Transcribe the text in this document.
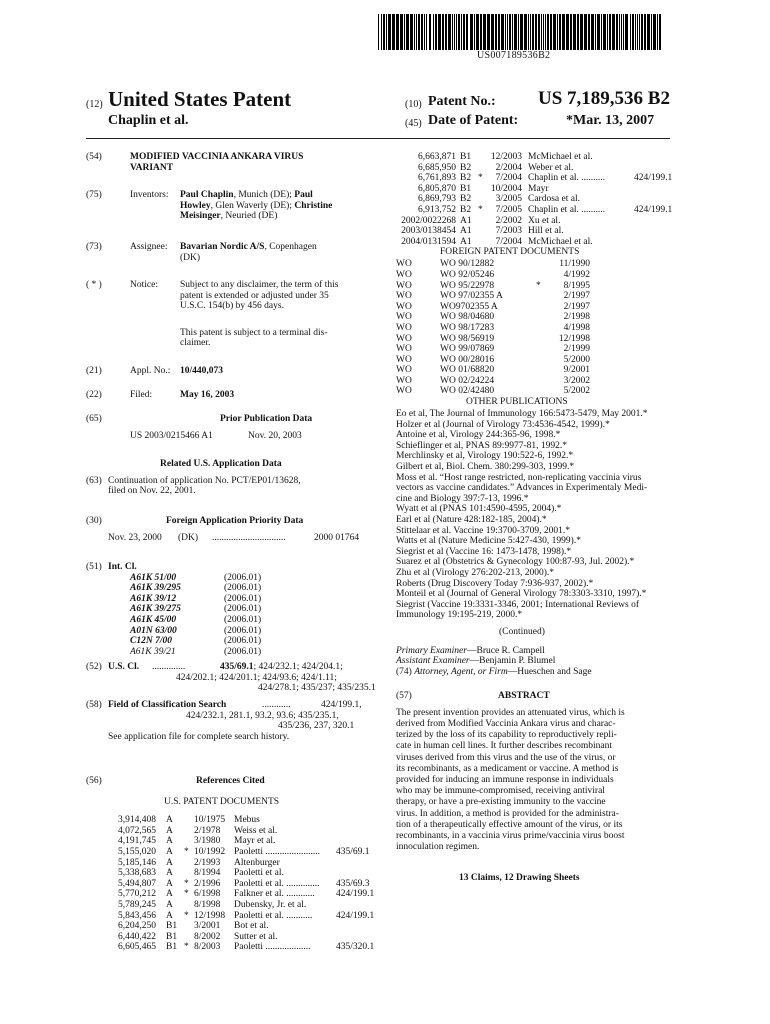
US007189536B2
(12) United States Patent
Chaplin et al.
(10) Patent No.: US 7,189,536 B2
(45) Date of Patent:	*Mar. 13, 2007
(54)	MODIFIED VACCINIA ANKARA VIRUS
VARIANT
(75)	Inventors: Paul Chaplin, Munich (DE); Paul
Howley, Glen Waverly (DE); Christine
Meisinger, Neuried (DE)
(73)	Assignee: Bavarian Nordic A/S, Copenhagen
(DK)
( * )	Notice: Subject to any disclaimer, the term of this
patent is extended or adjusted under 35
U.S.C. 154(b) by 456 days.
This patent is subject to a terminal dis-
claimer.
(21)	Appl. No.: 10/440,073
(22)	Filed:	May 16, 2003
(65)	Prior Publication Data
US 2003/0215466 A1	Nov. 20, 2003
Related U.S. Application Data
(63) Continuation of application No. PCT/EP01/13628,
filed on Nov. 22, 2001.
(30)	Foreign Application Priority Data
Nov. 23, 2000 (DK) ...............................	2000 01764
(51) Int. Cl.
A61K 51/00	(2006.01)
A61K 39/295	(2006.01)
A61K 39/12	(2006.01)
A61K 39/275	(2006.01)
A61K 45/00	(2006.01)
A01N 63/00	(2006.01)
C12N 7/00	(2006.01)
A61K 39/21	(2006.01)
(52) U.S. Cl. ..............	435/69.1; 424/232.1; 424/204.1;
424/202.1; 424/201.1; 424/93.6; 424/1.11;
424/278.1; 435/237; 435/235.1
(58) Field of Classification Search	............	424/199.1,
424/232.1, 281.1, 93.2, 93.6; 435/235.1,
435/236, 237, 320.1
See application file for complete search history.
(56)	References Cited
U.S. PATENT DOCUMENTS
3,914,408 A 10/1975 Mebus
4,072,565 A 2/1978 Weiss et al.
4,191,745 A 3/1980 Mayr et al.
5,155,020 A * 10/1992 Paoletti ....................... 435/69.1
5,185,146 A 2/1993 Altenburger
5,338,683 A 8/1994 Paoletti et al.
5,494,807 A * 2/1996 Paoletti et al. .............. 435/69.3
5,770,212 A * 6/1998 Falkner et al. ............ 424/199.1
5,789,245 A 8/1998 Dubensky, Jr. et al.
5,843,456 A * 12/1998 Paoletti et al. ........... 424/199.1
6,204,250 B1 3/2001 Bot et al.
6,440,422 B1 8/2002 Sutter et al.
6,605,465 B1 * 8/2003 Paoletti ...................	435/320.1
6,663,871 B1	12/2003 McMichael et al.
6,685,950 B2	2/2004 Weber et al.
6,761,893 B2 *	7/2004 Chaplin et al. ..........	424/199.1
6,805,870 B1	10/2004 Mayr
6,869,793 B2	3/2005 Cardosa et al.
6,913,752 B2 *	7/2005 Chaplin et al. ..........	424/199.1
2002/0022268 A1	2/2002 Xu et al.
2003/0138454 A1	7/2003 Hill et al.
2004/0131594 A1	7/2004 McMichael et al.
FOREIGN PATENT DOCUMENTS
WO	WO 90/12882	11/1990
WO	WO 92/05246	4/1992
WO	WO 95/22978	*	8/1995
WO	WO 97/02355 A	2/1997
WO	WO9702355 A	2/1997
WO	WO 98/04680	2/1998
WO	WO 98/17283	4/1998
WO	WO 98/56919	12/1998
WO	WO 99/07869	2/1999
WO	WO 00/28016	5/2000
WO	WO 01/68820	9/2001
WO	WO 02/24224	3/2002
WO	WO 02/42480	5/2002
OTHER PUBLICATIONS
Eo et al, The Journal of Immunology 166:5473-5479, May 2001.*
Holzer et al (Journal of Virology 73:4536-4542, 1999).*
Antoine et al, Virology 244:365-96, 1998.*
Schieflinger et al, PNAS 89:9977-81, 1992.*
Merchlinsky et al, Virology 190:522-6, 1992.*
Gilbert et al, Biol. Chem. 380:299-303, 1999.*
Moss et al. “Host range restricted, non-replicating vaccinia virus
vectors as vaccine candidates.” Advances in Experimentaly Medi-
cine and Biology 397:7-13, 1996.*
Wyatt et al (PNAS 101:4590-4595, 2004).*
Earl et al (Nature 428:182-185, 2004).*
Stittelaar et al. Vaccine 19:3700-3709, 2001.*
Watts et al (Nature Medicine 5:427-430, 1999).*
Siegrist et al (Vaccine 16: 1473-1478, 1998).*
Suarez et al (Obstetrics & Gynecology 100:87-93, Jul. 2002).*
Zhu et al (Virology 276:202-213, 2000).*
Roberts (Drug Discovery Today 7:936-937, 2002).*
Monteil et al (Journal of General Virology 78:3303-3310, 1997).*
Siegrist (Vaccine 19:3331-3346, 2001; International Reviews of
Immunology 19:195-219, 2000.*
(Continued)
Primary Examiner—Bruce R. Campell
Assistant Examiner—Benjamin P. Blumel
(74) Attorney, Agent, or Firm—Hueschen and Sage
(57)	ABSTRACT
The present invention provides an attenuated virus, which is
derived from Modified Vaccinia Ankara virus and charac-
terized by the loss of its capability to reproductively repli-
cate in human cell lines. It further describes recombinant
viruses derived from this virus and the use of the virus, or
its recombinants, as a medicament or vaccine. A method is
provided for inducing an immune response in individuals
who may be immune-compromised, receiving antiviral
therapy, or have a pre-existing immunity to the vaccine
virus. In addition, a method is provided for the administra-
tion of a therapeutically effective amount of the virus, or its
recombinants, in a vaccinia virus prime/vaccinia virus boost
innoculation regimen.
13 Claims, 12 Drawing Sheets
